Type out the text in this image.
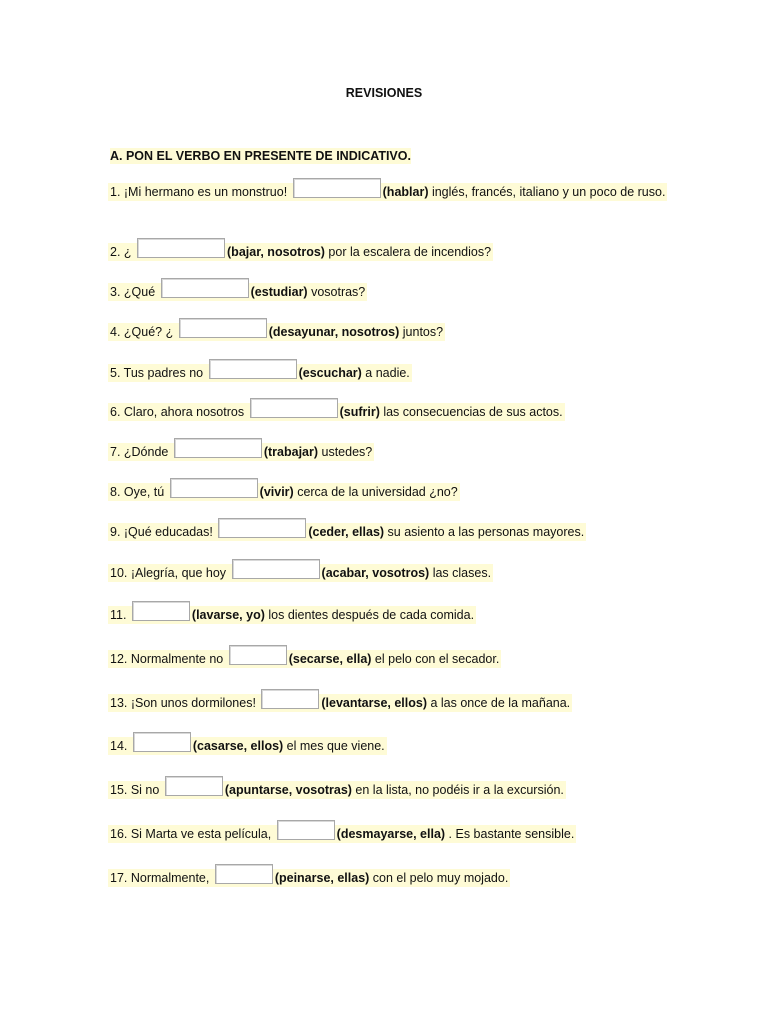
REVISIONES
A. PON EL VERBO EN PRESENTE DE INDICATIVO.
1. ¡Mi hermano es un monstruo!	(hablar) inglés, francés, italiano y un poco de ruso.
2. ¿	(bajar, nosotros) por la escalera de incendios?
3. ¿Qué	(estudiar) vosotras?
4. ¿Qué? ¿	(desayunar, nosotros) juntos?
5. Tus padres no	(escuchar) a nadie.
6. Claro, ahora nosotros	(sufrir) las consecuencias de sus actos.
7. ¿Dónde	(trabajar) ustedes?
8. Oye, tú	(vivir) cerca de la universidad ¿no?
9. ¡Qué educadas!	(ceder, ellas) su asiento a las personas mayores.
10. ¡Alegría, que hoy	(acabar, vosotros) las clases.
11.	(lavarse, yo) los dientes después de cada comida.
12. Normalmente no	(secarse, ella) el pelo con el secador.
13. ¡Son unos dormilones!	(levantarse, ellos) a las once de la mañana.
14.	(casarse, ellos) el mes que viene.
15. Si no	(apuntarse, vosotras) en la lista, no podéis ir a la excursión.
16. Si Marta ve esta película,	(desmayarse, ella) . Es bastante sensible.
17. Normalmente,	(peinarse, ellas) con el pelo muy mojado.
